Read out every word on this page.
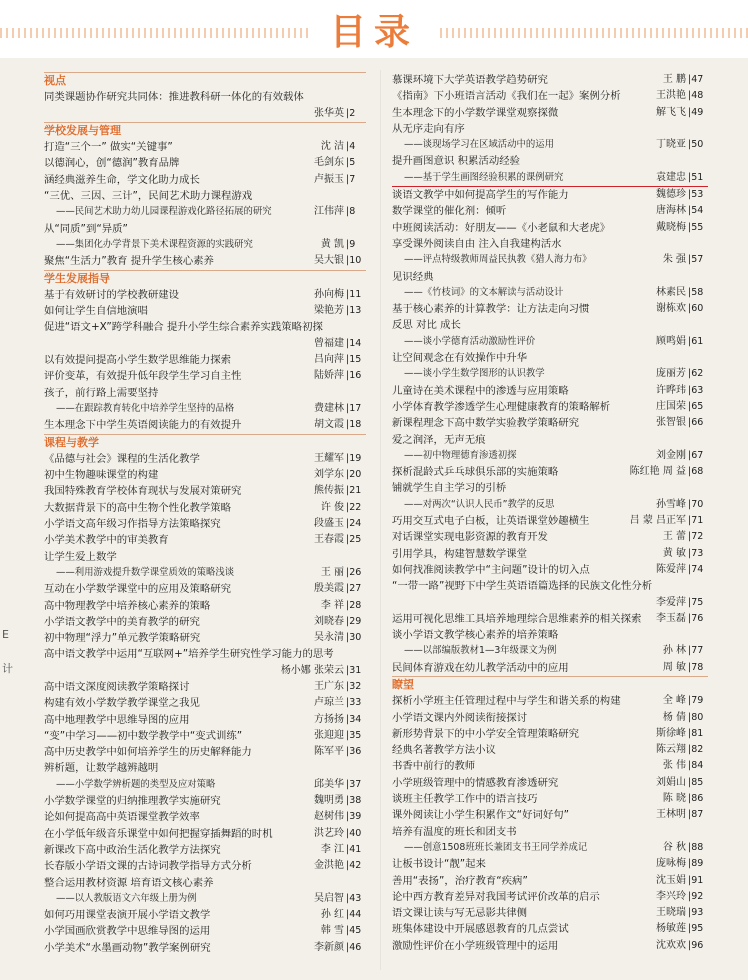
目录
E
计
视点
同类课题协作研究共同体：推进教科研一体化的有效载体
张华英 |2
学校发展与管理
打造“三个一” 做实“关键事”	沈 洁 |4
以德润心，创“德润”教育品牌	毛剑东 |5
涵经典滋养生命，学文化助力成长	卢振玉 |7
“三优、三因、三计”，民间艺术助力课程游戏
——民间艺术助力幼儿园课程游戏化路径拓展的研究	江伟萍 |8
从“同质”到“异质”
——集团化办学背景下美术课程资源的实践研究	黄 凯 |9
聚焦“生活力”教育 提升学生核心素养	吴大银 |10
学生发展指导
基于有效研讨的学校教研建设	孙向梅 |11
如何让学生自信地演唱	梁艳芳 |13
促进“语文+X”跨学科融合 提升小学生综合素养实践策略初探
曾福建 |14
以有效提问提高小学生数学思维能力探索	吕向萍 |15
评价变革，有效提升低年段学生学习自主性	陆娇萍 |16
孩子，前行路上需要坚持
——在跟踪教育转化中培养学生坚持的品格	费建林 |17
生本理念下中学生英语阅读能力的有效提升	胡文霞 |18
课程与教学
《品德与社会》课程的生活化教学	王耀军 |19
初中生物趣味课堂的构建	刘学东 |20
我国特殊教育学校体育现状与发展对策研究	熊传振 |21
大数据背景下的高中生物个性化教学策略	许 俊 |22
小学语文高年级习作指导方法策略探究	段盛玉 |24
小学美术教学中的审美教育	王春霞 |25
让学生爱上数学
——利用游戏提升数学课堂质效的策略浅谈	王 丽 |26
互动在小学数学课堂中的应用及策略研究	殷美霞 |27
高中物理教学中培养核心素养的策略	李 祥 |28
小学语文教学中的美育教学的研究	刘晓春 |29
初中物理“浮力”单元教学策略研究	吴永清 |30
高中语文教学中运用“互联网+”培养学生研究性学习能力的思考
杨小娜 张荣云 |31
高中语文深度阅读教学策略探讨	王广东 |32
构建有效小学数学教学课堂之我见	卢琼兰 |33
高中地理教学中思维导图的应用	方扬扬 |34
“变”中学习——初中数学教学中“变式训练”	张迎迎 |35
高中历史教学中如何培养学生的历史解释能力	陈军平 |36
辨析题，让数学越辨越明
——小学数学辨析题的类型及应对策略	邱美华 |37
小学数学课堂的归纳推理教学实施研究	魏明勇 |38
论如何提高高中英语课堂教学效率	赵树伟 |39
在小学低年级音乐课堂中如何把握穿插舞蹈的时机	洪艺玲 |40
新课改下高中政治生活化教学方法探究	李 江 |41
长春版小学语文课的古诗词教学指导方式分析	金洪艳 |42
整合运用教材资源 培育语文核心素养
——以人教版语文六年级上册为例	吴启智 |43
如何巧用课堂表演开展小学语文教学	孙 红 |44
小学国画欣赏教学中思维导图的运用	韩 雪 |45
小学美术“水墨画动物”教学案例研究	李新颜 |46
慕课环境下大学英语教学趋势研究	王 鹏 |47
《指南》下小班语言活动《我们在一起》案例分析	王洪艳 |48
生本理念下的小学数学课堂观察探微	解飞飞 |49
从无序走向有序
——谈现场学习在区域活动中的运用	丁晓亚 |50
提升画图意识 积累活动经验
——基于学生画图经验积累的课例研究	袁建忠 |51
谈语文教学中如何提高学生的写作能力	魏德珍 |53
数学课堂的催化剂：倾听	唐海林 |54
中班阅读活动：好朋友——《小老鼠和大老虎》	戴晓梅 |55
享受课外阅读自由 注入自我建构活水
——评点特级教师周益民执教《猎人海力布》	朱 强 |57
见识经典
——《竹枝词》的文本解读与活动设计	林素民 |58
基于核心素养的计算教学：让方法走向习惯	谢栋欢 |60
反思 对比 成长
——谈小学德育活动激励性评价	顾鸣娟 |61
让空间观念在有效操作中升华
——谈小学生数学图形的认识教学	庞丽芳 |62
儿童诗在美术课程中的渗透与应用策略	许晔玮 |63
小学体育教学渗透学生心理健康教育的策略解析	庄国荣 |65
新课程理念下高中数学实验教学策略研究	张智银 |66
爱之润泽，无声无痕
——初中物理德育渗透初探	刘金刚 |67
探析混龄式乒乓球俱乐部的实施策略	陈红艳 周 益 |68
铺就学生自主学习的引桥
——对两次“认识人民币”教学的反思	孙雪峰 |70
巧用交互式电子白板，让英语课堂妙趣横生	吕 蒙 吕正军 |71
对话课堂实现电影资源的教育开发	王 蕾 |72
引用学具，构建智慧数学课堂	黄 敏 |73
如何找准阅读教学中“主问题”设计的切入点	陈爱萍 |74
“一带一路”视野下中学生英语语篇选择的民族文化性分析
李爱萍 |75
运用可视化思维工具培养地理综合思维素养的相关探索 李玉磊 |76
谈小学语文教学核心素养的培养策略
——以部编版教材1—3年级课文为例	孙 林 |77
民间体育游戏在幼儿教学活动中的应用	周 敏 |78
瞭望
探析小学班主任管理过程中与学生和谐关系的构建	全 峰 |79
小学语文课内外阅读衔接探讨	杨 倩 |80
新形势背景下的中小学安全管理策略研究	斯徐峰 |81
经典名著教学方法小议	陈云翔 |82
书香中前行的教师	张 伟 |84
小学班级管理中的情感教育渗透研究	刘娟山 |85
谈班主任教学工作中的语言技巧	陈 晓 |86
课外阅读让小学生积累作文“好词好句”	王林明 |87
培养有温度的班长和团支书
——创意1508班班长兼团支书王同学养成记	谷 秋 |88
让板书设计“靓”起来	庞咏梅 |89
善用“表扬”，治疗教育“疾病”	沈玉娟 |91
论中西方教育差异对我国考试评价改革的启示	李兴玲 |92
语文课让读与写无忌影共律侧	王晓瑞 |93
班集体建设中开展感恩教育的几点尝试	杨敏莲 |95
激励性评价在小学班级管理中的运用	沈欢欢 |96
